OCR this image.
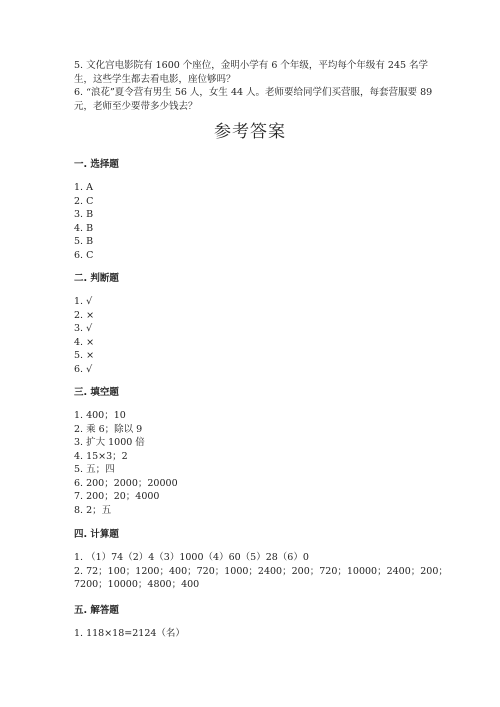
5. 文化宫电影院有 1600 个座位，金明小学有 6 个年级，平均每个年级有 245 名学生，这些学生都去看电影，座位够吗？

6. “浪花”夏令营有男生 56 人，女生 44 人。老师要给同学们买营服，每套营服要 89 元，老师至少要带多少钱去？

参考答案
一. 选择题
1. A
2. C
3. B
4. B
5. B
6. C
二. 判断题
1. √
2. ×
3. √
4. ×
5. ×
6. √
三. 填空题
1. 400；10
2. 乘 6；除以 9
3. 扩大 1000 倍
4. 15×3；2
5. 五；四
6. 200；2000；20000
7. 200；20；4000
8. 2；五
四. 计算题
1. （1）74（2）4（3）1000（4）60（5）28（6）0
2. 72；100；1200；400；720；1000；2400；200；720；10000；2400；200；
7200；10000；4800；400
五. 解答题
1. 118×18=2124（名）
